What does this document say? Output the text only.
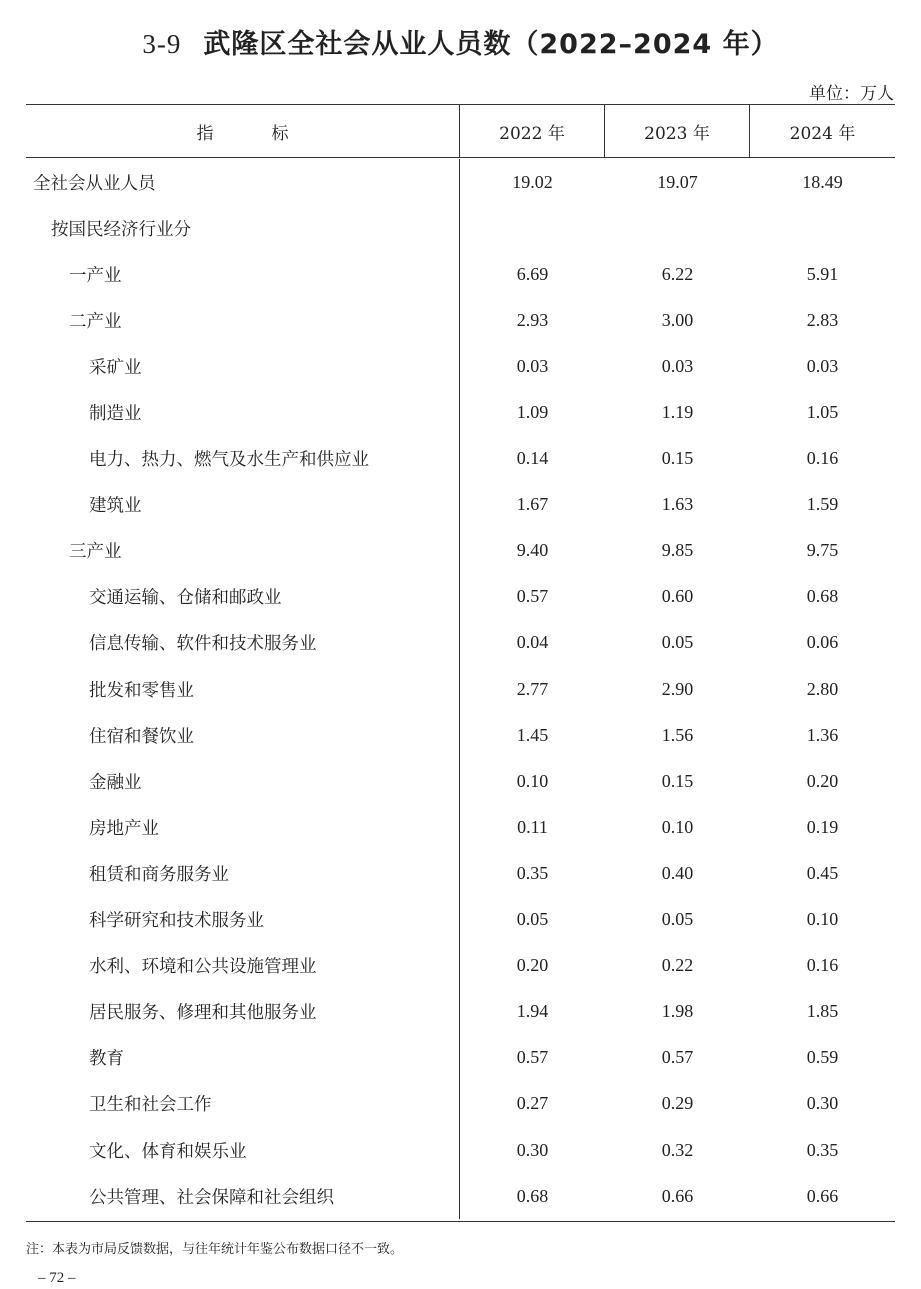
3-9 武隆区全社会从业人员数（2022–2024 年）
单位：万人
指	标	2022 年	2023 年	2024 年
全社会从业人员	19.02	19.07	18.49
按国民经济行业分
一产业	6.69	6.22	5.91
二产业	2.93	3.00	2.83
采矿业	0.03	0.03	0.03
制造业	1.09	1.19	1.05
电力、热力、燃气及水生产和供应业	0.14	0.15	0.16
建筑业	1.67	1.63	1.59
三产业	9.40	9.85	9.75
交通运输、仓储和邮政业	0.57	0.60	0.68
信息传输、软件和技术服务业	0.04	0.05	0.06
批发和零售业	2.77	2.90	2.80
住宿和餐饮业	1.45	1.56	1.36
金融业	0.10	0.15	0.20
房地产业	0.11	0.10	0.19
租赁和商务服务业	0.35	0.40	0.45
科学研究和技术服务业	0.05	0.05	0.10
水利、环境和公共设施管理业	0.20	0.22	0.16
居民服务、修理和其他服务业	1.94	1.98	1.85
教育	0.57	0.57	0.59
卫生和社会工作	0.27	0.29	0.30
文化、体育和娱乐业	0.30	0.32	0.35
公共管理、社会保障和社会组织	0.68	0.66	0.66
注：本表为市局反馈数据，与往年统计年鉴公布数据口径不一致。
– 72 –
